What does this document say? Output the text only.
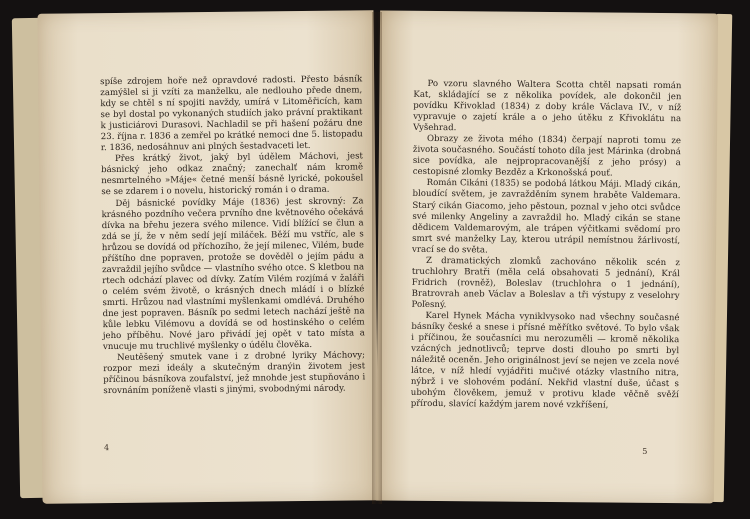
spíše zdrojem hoře než opravdové radosti. Přesto básník zamýšlel si ji vzíti za manželku, ale nedlouho přede dnem, kdy se chtěl s ní spojiti navždy, umírá v Litoměřicích, kam se byl dostal po vykonaných studiích jako právní praktikant k justiciárovi Durasovi. Nachladil se při hašení požáru dne 23. října r. 1836 a zemřel po krátké nemoci dne 5. listopadu r. 1836, nedosáhnuv ani plných šestadvaceti let.

Přes krátký život, jaký byl údělem Máchovi, jest básnický jeho odkaz značný; zanechalť nám kromě nesmrtelného »Máje« četné menší básně lyrické, pokoušel se se zdarem i o novelu, historický román i o drama.

Děj básnické povídky Máje (1836) jest skrovný: Za krásného pozdního večera prvního dne květnového očekává dívka na břehu jezera svého milence. Vidí blížící se člun a zdá se jí, že v něm sedí její miláček. Běží mu vstříc, ale s hrůzou se dovídá od příchozího, že její milenec, Vilém, bude příštího dne popraven, protože se dověděl o jejím pádu a zavraždil jejího svůdce — vlastního svého otce. S kletbou na rtech odchází plavec od dívky. Zatím Vilém rozjímá v žaláři o celém svém životě, o krásných dnech mládí i o blízké smrti. Hrůzou nad vlastními myšlenkami omdlévá. Druhého dne jest popraven. Básník po sedmi letech nachází ještě na kůle lebku Vilémovu a dovídá se od hostinského o celém jeho příběhu. Nové jaro přivádí jej opět v tato místa a vnucuje mu truchlivé myšlenky o údělu člověka.

Neutěšený smutek vane i z drobné lyriky Máchovy; rozpor mezi ideály a skutečným dranýin životem jest příčinou básníkova zoufalství, jež mnohde jest stupňováno i srovnáním poníženě vlasti s jinými, svobodnými národy.

4

Po vzoru slavného Waltera Scotta chtěl napsati román Kat, skládající se z několika povídek, ale dokončil jen povídku Křivoklad (1834) z doby krále Václava IV., v níž vypravuje o zajetí krále a o jeho útěku z Křivoklátu na Vyšehrad.

Obrazy ze života mého (1834) čerpají naproti tomu ze života současného. Součástí tohoto díla jest Márinka (drobná sice povídka, ale nejpropracovanější z jeho prósy) a cestopisné zlomky Bezděz a Krkonošská pouť.

Román Cikáni (1835) se podobá látkou Máji. Mladý cikán, bloudící světem, je zavražděním synem hraběte Valdemara. Starý cikán Giacomo, jeho pěstoun, poznal v jeho otci svůdce své milenky Angeliny a zavraždil ho. Mladý cikán se stane dědicem Valdemarovým, ale trápen výčitkami svědomí pro smrt své manželky Lay, kterou utrápil nemístnou žárlivostí, vrací se do světa.

Z dramatických zlomků zachováno několik scén z truchlohry Bratři (měla celá obsahovati 5 jednání), Král Fridrich (rovněž), Boleslav (truchlohra o 1 jednání), Bratrovrah aneb Václav a Boleslav a tři výstupy z veselohry Poľesný.

Karel Hynek Mácha vyniklvysoko nad všechny současné básníky české a snese i přísné měřítko světové. To bylo však i příčinou, že současníci mu nerozuměli — kromě několika vzácných jednotlivců; teprve dosti dlouho po smrti byl náležitě oceněn. Jeho originálnost jeví se nejen ve zcela nové látce, v níž hledí vyjádřiti mučivé otázky vlastního nitra, nýbrž i ve slohovém podání. Nekřid vlastní duše, účast s ubohým člověkem, jemuž v protivu klade věčně svěží přírodu, slavící každým jarem nové vzkříšení,

5
